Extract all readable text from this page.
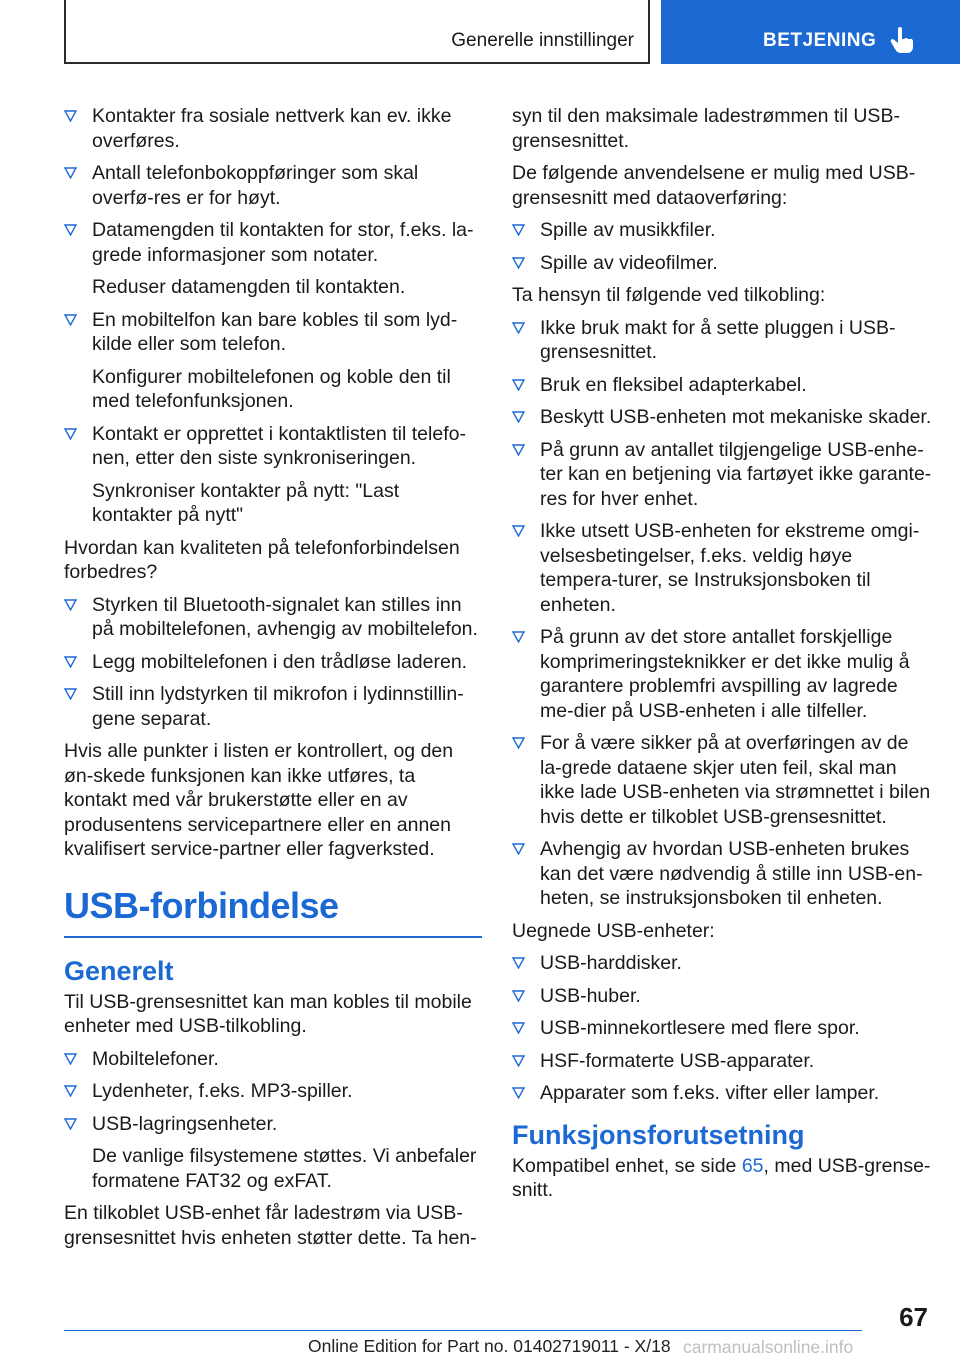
Generelle innstillinger	BETJENING
Kontakter fra sosiale nettverk kan ev. ikke overføres.
Antall telefonbokoppføringer som skal overfø‐res er for høyt.
Datamengden til kontakten for stor, f.eks. la‐grede informasjoner som notater.
Reduser datamengden til kontakten.
En mobiltelfon kan bare kobles til som lyd‐kilde eller som telefon.
Konfigurer mobiltelefonen og koble den til med telefonfunksjonen.
Kontakt er opprettet i kontaktlisten til telefo‐nen, etter den siste synkroniseringen.
Synkroniser kontakter på nytt: "Last kontakter på nytt"

Hvordan kan kvaliteten på telefonforbindelsen forbedres?

Styrken til Bluetooth-signalet kan stilles inn på mobiltelefonen, avhengig av mobiltelefon.
Legg mobiltelefonen i den trådløse laderen.
Still inn lydstyrken til mikrofon i lydinnstillin‐gene separat.

Hvis alle punkter i listen er kontrollert, og den øn‐skede funksjonen kan ikke utføres, ta kontakt med vår brukerstøtte eller en av produsentens servicepartnere eller en annen kvalifisert service‐partner eller fagverksted.

USB-forbindelse
Generelt

Til USB-grensesnittet kan man kobles til mobile enheter med USB-tilkobling.

Mobiltelefoner.
Lydenheter, f.eks. MP3-spiller.
USB-lagringsenheter.
De vanlige filsystemene støttes. Vi anbefaler formatene FAT32 og exFAT.

En tilkoblet USB-enhet får ladestrøm via USB-grensesnittet hvis enheten støtter dette. Ta hen‐

syn til den maksimale ladestrømmen til USB-grensesnittet.

De følgende anvendelsene er mulig med USB-grensesnitt med dataoverføring:

Spille av musikkfiler.
Spille av videofilmer.

Ta hensyn til følgende ved tilkobling:

Ikke bruk makt for å sette pluggen i USB-grensesnittet.
Bruk en fleksibel adapterkabel.
Beskytt USB-enheten mot mekaniske skader.
På grunn av antallet tilgjengelige USB-enhe‐ter kan en betjening via fartøyet ikke garante‐res for hver enhet.
Ikke utsett USB-enheten for ekstreme omgi‐velsesbetingelser, f.eks. veldig høye tempera‐turer, se Instruksjonsboken til enheten.
På grunn av det store antallet forskjellige komprimeringsteknikker er det ikke mulig å garantere problemfri avspilling av lagrede me‐dier på USB-enheten i alle tilfeller.
For å være sikker på at overføringen av de la‐grede dataene skjer uten feil, skal man ikke lade USB-enheten via strømnettet i bilen hvis dette er tilkoblet USB-grensesnittet.
Avhengig av hvordan USB-enheten brukes kan det være nødvendig å stille inn USB-en‐heten, se instruksjonsboken til enheten.

Uegnede USB-enheter:

USB-harddisker.
USB-huber.
USB-minnekortlesere med flere spor.
HSF-formaterte USB-apparater.
Apparater som f.eks. vifter eller lamper.
Funksjonsforutsetning

Kompatibel enhet, se side 65, med USB-grense‐snitt.

67
Online Edition for Part no. 01402719011 - X/18 carmanualsonline.info
